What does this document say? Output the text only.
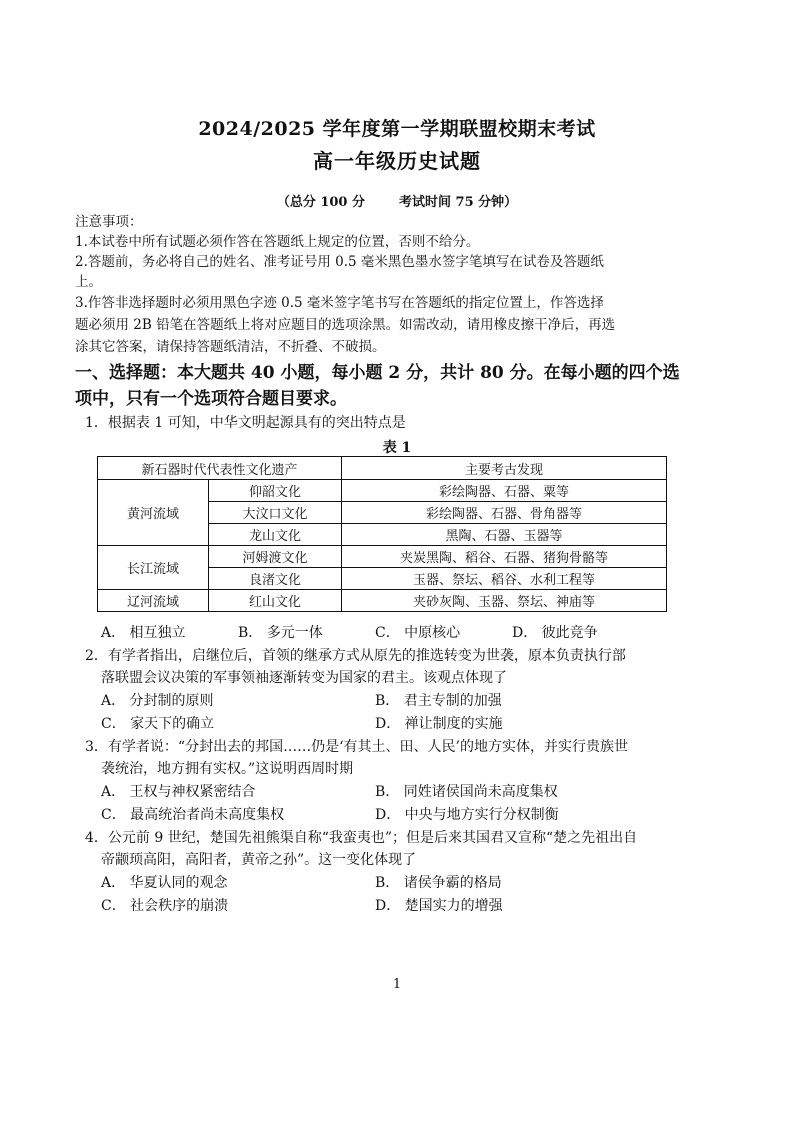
2024/2025 学年度第一学期联盟校期末考试
高一年级历史试题
（总分 100 分	考试时间 75 分钟）
注意事项：
1.本试卷中所有试题必须作答在答题纸上规定的位置，否则不给分。
2.答题前，务必将自己的姓名、准考证号用 0.5 毫米黑色墨水签字笔填写在试卷及答题纸
上。
3.作答非选择题时必须用黑色字迹 0.5 毫米签字笔书写在答题纸的指定位置上，作答选择
题必须用 2B 铅笔在答题纸上将对应题目的选项涂黑。如需改动，请用橡皮擦干净后，再选
涂其它答案，请保持答题纸清洁，不折叠、不破损。
一、选择题：本大题共 40 小题，每小题 2 分，共计 80 分。在每小题的四个选
项中，只有一个选项符合题目要求。
1．根据表 1 可知，中华文明起源具有的突出特点是
表 1
新石器时代代表性文化遗产		主要考古发现
黄河流域	仰韶文化	彩绘陶器、石器、粟等
	大汶口文化	彩绘陶器、石器、骨角器等
	龙山文化	黑陶、石器、玉器等
长江流域	河姆渡文化	夹炭黑陶、稻谷、石器、猪狗骨骼等
	良渚文化	玉器、祭坛、稻谷、水利工程等
辽河流域	红山文化	夹砂灰陶、玉器、祭坛、神庙等
A． 相互独立	B． 多元一体	C． 中原核心	D． 彼此竞争
2．有学者指出，启继位后，首领的继承方式从原先的推选转变为世袭，原本负责执行部
落联盟会议决策的军事领袖逐渐转变为国家的君主。该观点体现了
A． 分封制的原则	B． 君主专制的加强
C． 家天下的确立	D． 禅让制度的实施
3．有学者说：“分封出去的邦国……仍是‘有其土、田、人民’的地方实体，并实行贵族世
袭统治，地方拥有实权。”这说明西周时期
A． 王权与神权紧密结合	B． 同姓诸侯国尚未高度集权
C． 最高统治者尚未高度集权	D． 中央与地方实行分权制衡
4．公元前 9 世纪，楚国先祖熊渠自称“我蛮夷也”；但是后来其国君又宣称“楚之先祖出自
帝颛顼高阳，高阳者，黄帝之孙”。这一变化体现了
A． 华夏认同的观念	B． 诸侯争霸的格局
C． 社会秩序的崩溃	D． 楚国实力的增强
1
